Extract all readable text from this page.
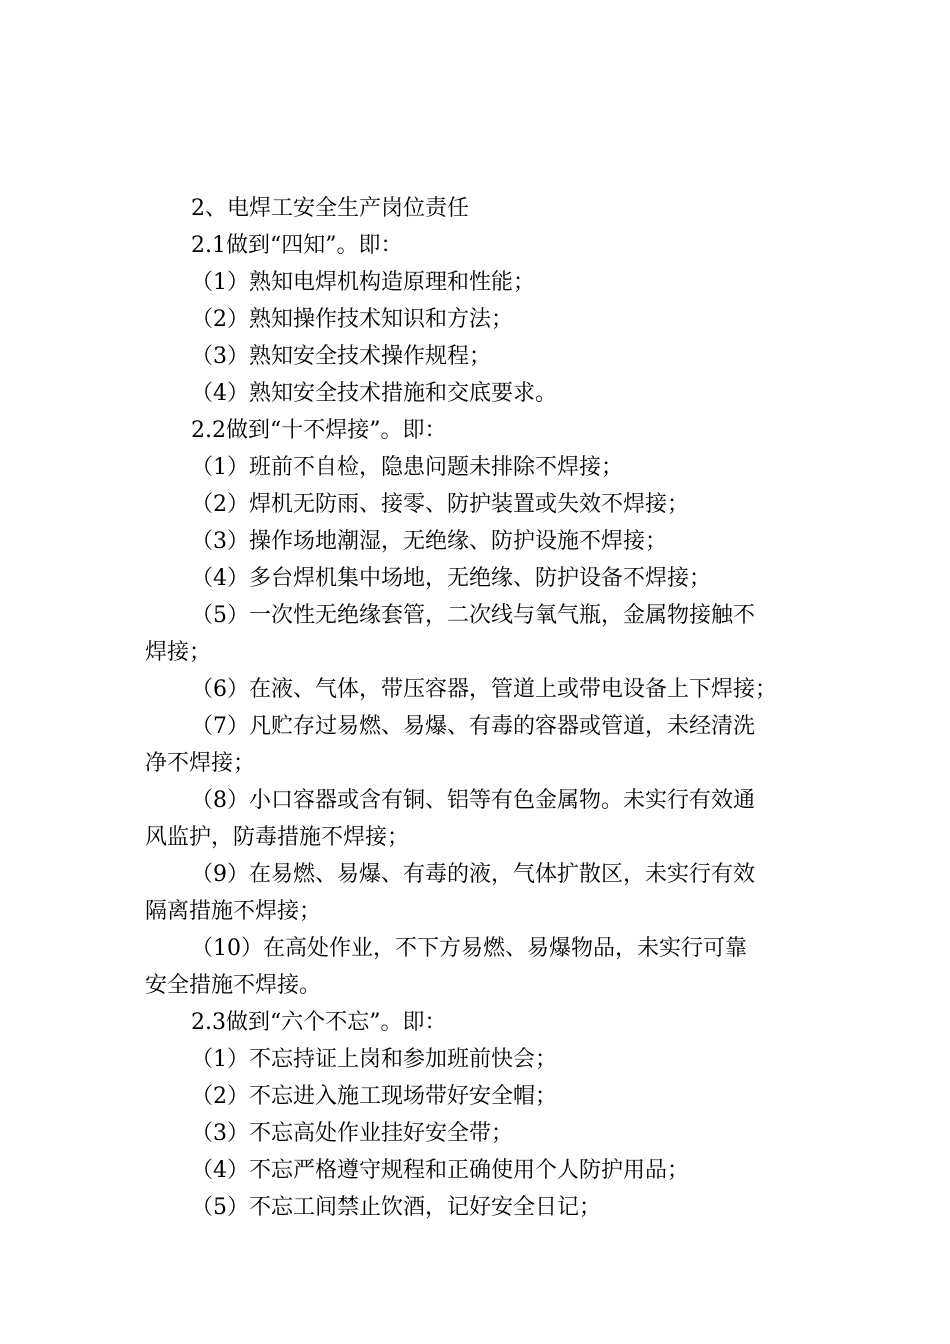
2、电焊工安全生产岗位责任
2.1做到“四知”。即：
（1）熟知电焊机构造原理和性能；
（2）熟知操作技术知识和方法；
（3）熟知安全技术操作规程；
（4）熟知安全技术措施和交底要求。
2.2做到“十不焊接”。即：
（1）班前不自检，隐患问题未排除不焊接；
（2）焊机无防雨、接零、防护装置或失效不焊接；
（3）操作场地潮湿，无绝缘、防护设施不焊接；
（4）多台焊机集中场地，无绝缘、防护设备不焊接；
（5）一次性无绝缘套管，二次线与氧气瓶，金属物接触不
焊接；
（6）在液、气体，带压容器，管道上或带电设备上下焊接；
（7）凡贮存过易燃、易爆、有毒的容器或管道，未经清洗
净不焊接；
（8）小口容器或含有铜、铝等有色金属物。未实行有效通
风监护，防毒措施不焊接；
（9）在易燃、易爆、有毒的液，气体扩散区，未实行有效
隔离措施不焊接；
（10）在高处作业，不下方易燃、易爆物品，未实行可靠
安全措施不焊接。
2.3做到“六个不忘”。即：
（1）不忘持证上岗和参加班前快会；
（2）不忘进入施工现场带好安全帽；
（3）不忘高处作业挂好安全带；
（4）不忘严格遵守规程和正确使用个人防护用品；
（5）不忘工间禁止饮酒，记好安全日记；
